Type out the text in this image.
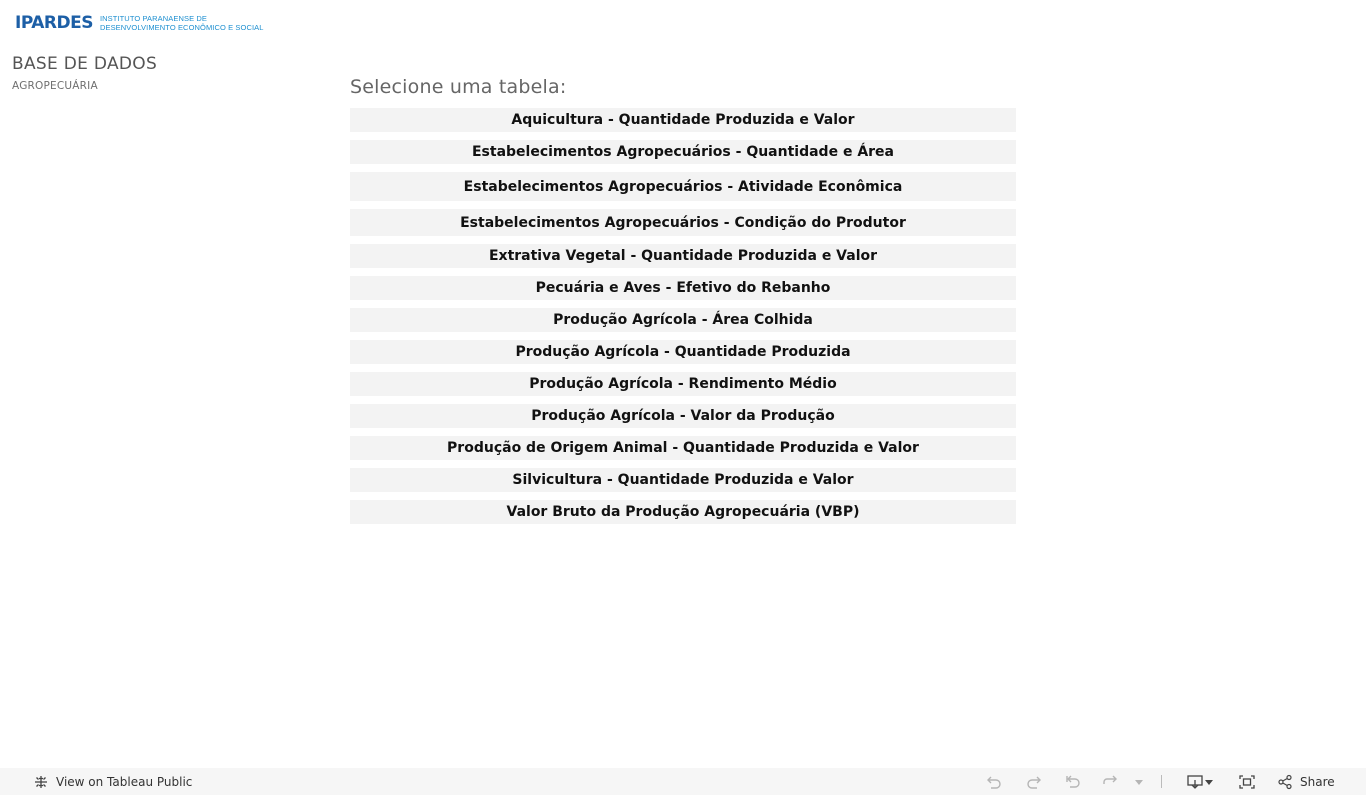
IPARDES INSTITUTO PARANAENSE DE
DESENVOLVIMENTO ECONÔMICO E SOCIAL
BASE DE DADOS
AGROPECUÁRIA	Selecione uma tabela:
Aquicultura - Quantidade Produzida e Valor
Estabelecimentos Agropecuários - Quantidade e Área
Estabelecimentos Agropecuários - Atividade Econômica
Estabelecimentos Agropecuários - Condição do Produtor
Extrativa Vegetal - Quantidade Produzida e Valor
Pecuária e Aves - Efetivo do Rebanho
Produção Agrícola - Área Colhida
Produção Agrícola - Quantidade Produzida
Produção Agrícola - Rendimento Médio
Produção Agrícola - Valor da Produção
Produção de Origem Animal - Quantidade Produzida e Valor
Silvicultura - Quantidade Produzida e Valor
Valor Bruto da Produção Agropecuária (VBP)
View on Tableau Public	Share
